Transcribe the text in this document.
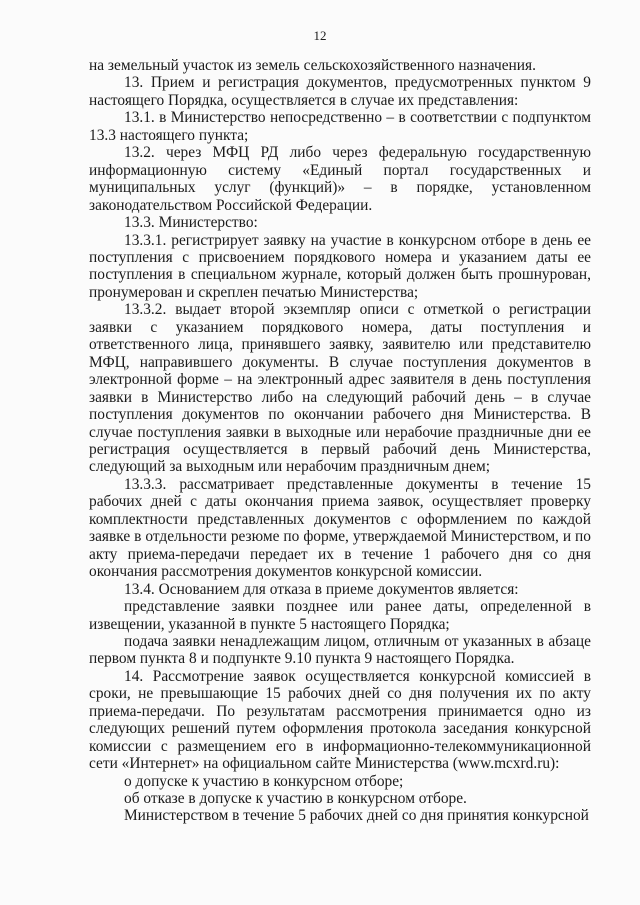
12

на земельный участок из земель сельскохозяйственного назначения.

13. Прием и регистрация документов, предусмотренных пунктом 9 настоящего Порядка, осуществляется в случае их представления:

13.1. в Министерство непосредственно – в соответствии с подпунктом 13.3 настоящего пункта;

13.2. через МФЦ РД либо через федеральную государственную информационную систему «Единый портал государственных и муниципальных услуг (функций)» – в порядке, установленном законодательством Российской Федерации.

13.3. Министерство:

13.3.1. регистрирует заявку на участие в конкурсном отборе в день ее поступления с присвоением порядкового номера и указанием даты ее поступления в специальном журнале, который должен быть прошнурован, пронумерован и скреплен печатью Министерства;

13.3.2. выдает второй экземпляр описи с отметкой о регистрации заявки с указанием порядкового номера, даты поступления и ответственного лица, принявшего заявку, заявителю или представителю МФЦ, направившего документы. В случае поступления документов в электронной форме – на электронный адрес заявителя в день поступления заявки в Министерство либо на следующий рабочий день – в случае поступления документов по окончании рабочего дня Министерства. В случае поступления заявки в выходные или нерабочие праздничные дни ее регистрация осуществляется в первый рабочий день Министерства, следующий за выходным или нерабочим праздничным днем;

13.3.3. рассматривает представленные документы в течение 15 рабочих дней с даты окончания приема заявок, осуществляет проверку комплектности представленных документов с оформлением по каждой заявке в отдельности резюме по форме, утверждаемой Министерством, и по акту приема-передачи передает их в течение 1 рабочего дня со дня окончания рассмотрения документов конкурсной комиссии.

13.4. Основанием для отказа в приеме документов является:

представление заявки позднее или ранее даты, определенной в извещении, указанной в пункте 5 настоящего Порядка;

подача заявки ненадлежащим лицом, отличным от указанных в абзаце первом пункта 8 и подпункте 9.10 пункта 9 настоящего Порядка.

14. Рассмотрение заявок осуществляется конкурсной комиссией в сроки, не превышающие 15 рабочих дней со дня получения их по акту приема-передачи. По результатам рассмотрения принимается одно из следующих решений путем оформления протокола заседания конкурсной комиссии с размещением его в информационно-телекоммуникационной сети «Интернет» на официальном сайте Министерства (www.mcxrd.ru):

о допуске к участию в конкурсном отборе;

об отказе в допуске к участию в конкурсном отборе.

Министерством в течение 5 рабочих дней со дня принятия конкурсной
